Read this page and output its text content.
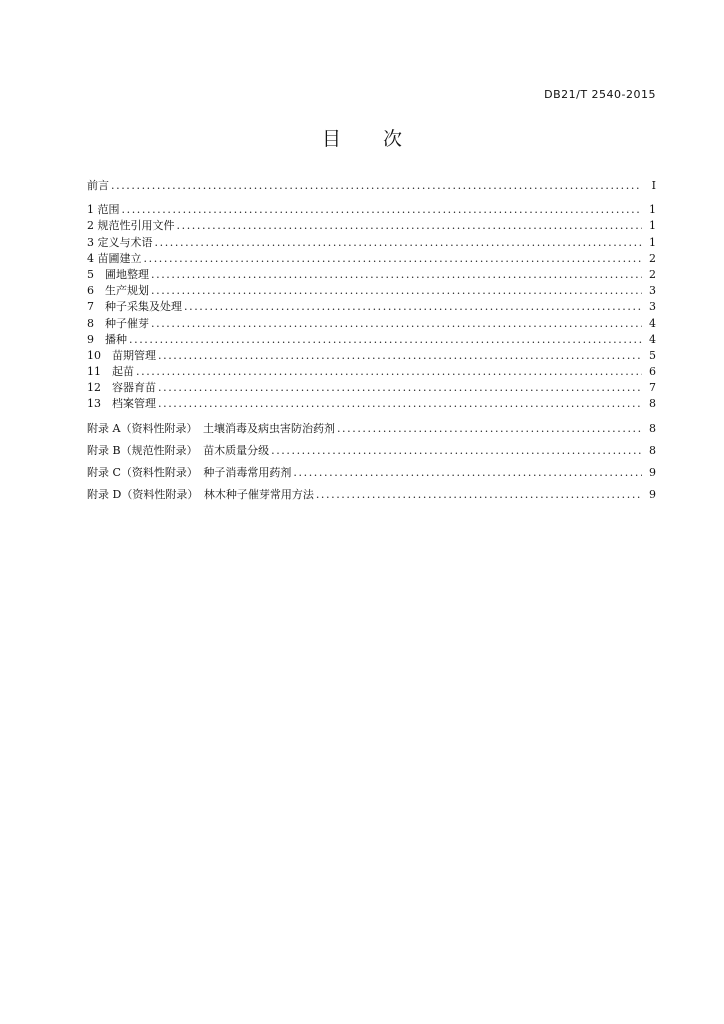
DB21/T 2540-2015
目 次
前言 .....	I
1 范围 .....	1
2 规范性引用文件 .....	1
3 定义与术语 .....	1
4 苗圃建立 .....	2
5　圃地整理 .....	2
6　生产规划 .....	3
7　种子采集及处理 .....	3
8　种子催芽 .....	4
9　播种 .....	4
10　苗期管理 .....	5
11　起苗 .....	6
12　容器育苗 .....	7
13　档案管理 .....	8
附录 A（资料性附录）　土壤消毒及病虫害防治药剂 .....	8
附录 B（规范性附录）　苗木质量分级 .....	8
附录 C（资料性附录）　种子消毒常用药剂 .....	9
附录 D（资料性附录）　林木种子催芽常用方法 .....	9
